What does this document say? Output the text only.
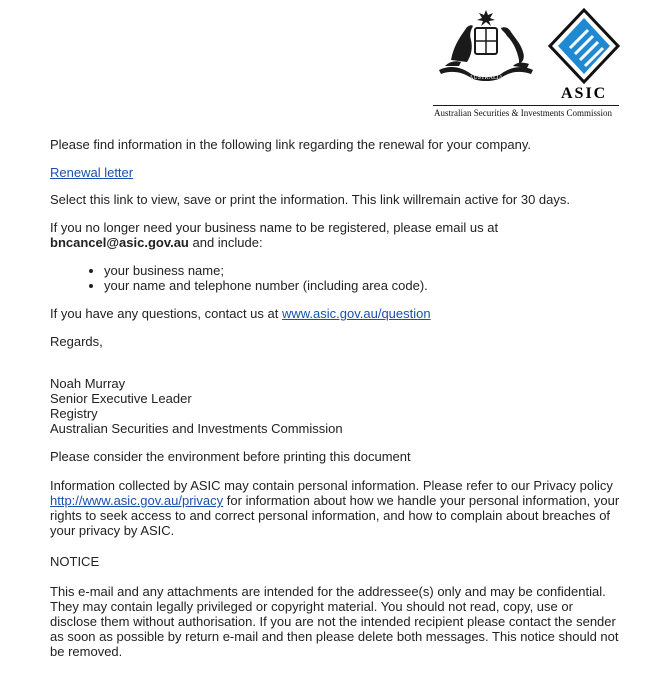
AUSTRALIA
ASIC
Australian Securities & Investments Commission

Please find information in the following link regarding the renewal for your company.

Renewal letter

Select this link to view, save or print the information. This link willremain active for 30 days.

If you no longer need your business name to be registered, please email us at
bncancel@asic.gov.au and include:

• your business name;
• your name and telephone number (including area code).

If you have any questions, contact us at www.asic.gov.au/question

Regards,

Noah Murray
Senior Executive Leader
Registry
Australian Securities and Investments Commission

Please consider the environment before printing this document

Information collected by ASIC may contain personal information. Please refer to our Privacy policy
http://www.asic.gov.au/privacy for information about how we handle your personal information, your
rights to seek access to and correct personal information, and how to complain about breaches of
your privacy by ASIC.

NOTICE

This e-mail and any attachments are intended for the addressee(s) only and may be confidential.
They may contain legally privileged or copyright material. You should not read, copy, use or
disclose them without authorisation. If you are not the intended recipient please contact the sender
as soon as possible by return e-mail and then please delete both messages. This notice should not
be removed.
